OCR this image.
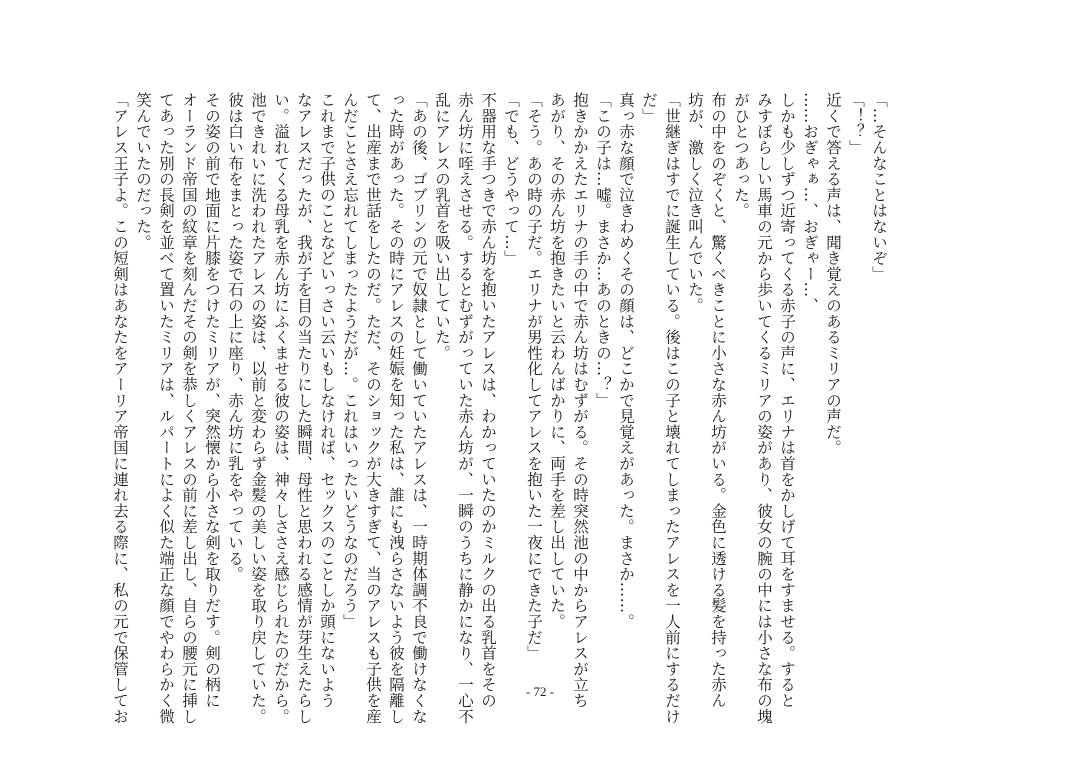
「…そんなことはないぞ」
「！？」
近くで答える声は、聞き覚えのあるミリアの声だ。
……おぎゃぁ…、おぎゃー…、
しかも少しずつ近寄ってくる赤子の声に、エリナは首をかしげて耳をすませる。すると
みすぼらしい馬車の元から歩いてくるミリアの姿があり、彼女の腕の中には小さな布の塊
がひとつあった。
布の中をのぞくと、驚くべきことに小さな赤ん坊がいる。金色に透ける髪を持った赤ん
坊が、激しく泣き叫んでいた。
「世継ぎはすでに誕生している。後はこの子と壊れてしまったアレスを一人前にするだけ
だ」
真っ赤な顔で泣きわめくその顔は、どこかで見覚えがあった。まさか……。
「この子は…嘘。まさか…あのときの…？」
抱きかかえたエリナの手の中で赤ん坊はむずがる。その時突然池の中からアレスが立ち
あがり、その赤ん坊を抱きたいと云わんばかりに、両手を差し出していた。
「そう。あの時の子だ。エリナが男性化してアレスを抱いた一夜にできた子だ」
「でも、どうやって…」
不器用な手つきで赤ん坊を抱いたアレスは、わかっていたのかミルクの出る乳首をその
赤ん坊に咥えさせる。するとむずがっていた赤ん坊が、一瞬のうちに静かになり、一心不
乱にアレスの乳首を吸い出していた。
「あの後、ゴブリンの元で奴隷として働いていたアレスは、一時期体調不良で働けなくな
った時があった。その時にアレスの妊娠を知った私は、誰にも洩らさないよう彼を隔離し
て、出産まで世話をしたのだ。ただ、そのショックが大きすぎて、当のアレスも子供を産
んだことさえ忘れてしまったようだが…。これはいったいどうなのだろう」
これまで子供のことなどいっさい云いもしなければ、セックスのことしか頭にないよう
なアレスだったが、我が子を目の当たりにした瞬間、母性と思われる感情が芽生えたらし
い。溢れてくる母乳を赤ん坊にふくませる彼の姿は、神々しささえ感じられたのだから。
池できれいに洗われたアレスの姿は、以前と変わらず金髪の美しい姿を取り戻していた。
彼は白い布をまとった姿で石の上に座り、赤ん坊に乳をやっている。
その姿の前で地面に片膝をつけたミリアが、突然懐から小さな剣を取りだす。剣の柄に
オーランド帝国の紋章を刻んだその剣を恭しくアレスの前に差し出し、自らの腰元に挿し
てあった別の長剣を並べて置いたミリアは、ルパートによく似た端正な顔でやわらかく微
笑んでいたのだった。
「アレス王子よ。この短剣はあなたをアーリア帝国に連れ去る際に、私の元で保管してお	- 72 -
